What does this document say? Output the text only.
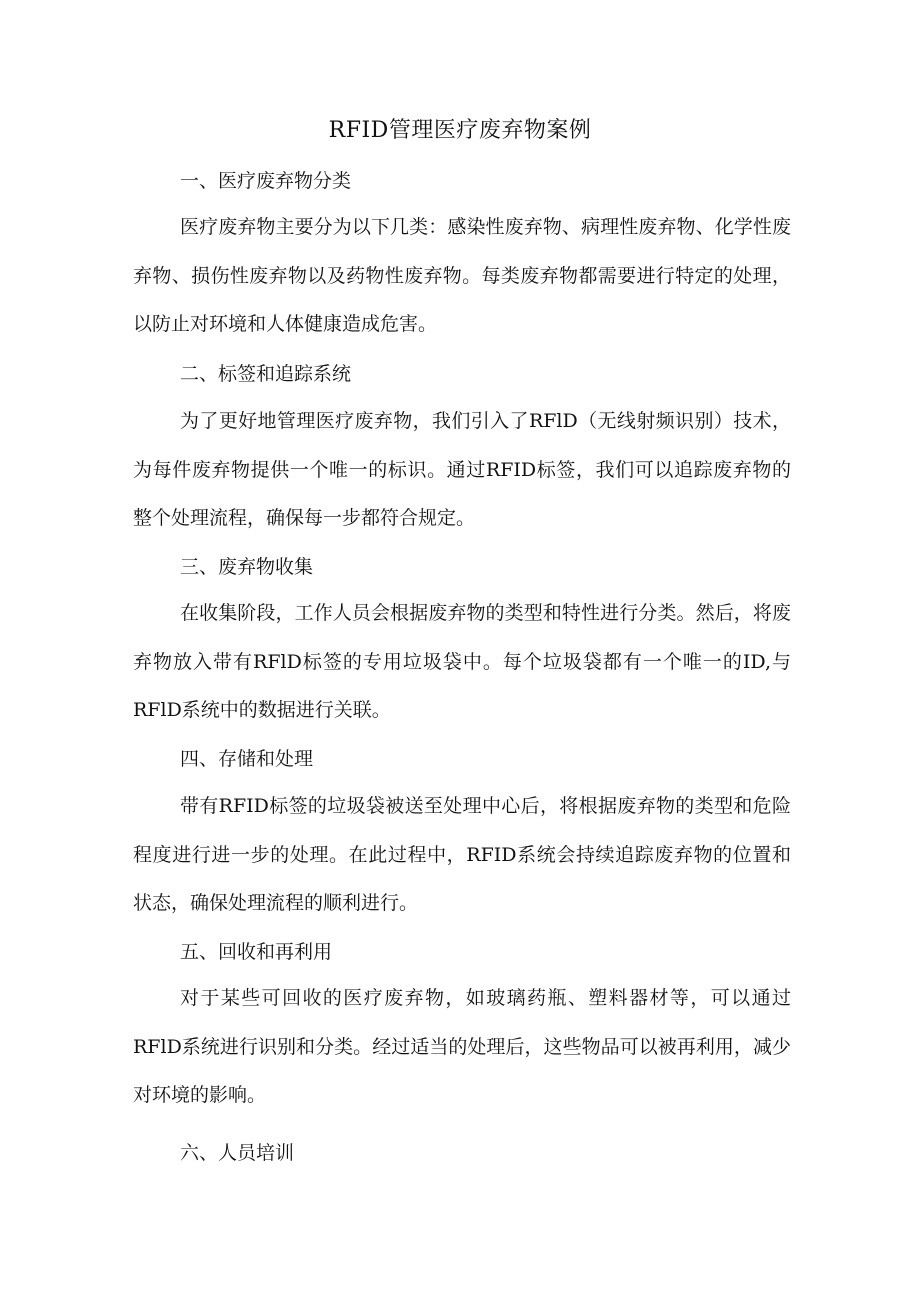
RFID管理医疗废弃物案例
一、医疗废弃物分类

医疗废弃物主要分为以下几类：感染性废弃物、病理性废弃物、化学性废弃物、损伤性废弃物以及药物性废弃物。每类废弃物都需要进行特定的处理，以防止对环境和人体健康造成危害。

二、标签和追踪系统

为了更好地管理医疗废弃物，我们引入了RFlD（无线射频识别）技术，为每件废弃物提供一个唯一的标识。通过RFID标签，我们可以追踪废弃物的整个处理流程，确保每一步都符合规定。

三、废弃物收集

在收集阶段，工作人员会根据废弃物的类型和特性进行分类。然后，将废弃物放入带有RFlD标签的专用垃圾袋中。每个垃圾袋都有一个唯一的ID,与RFlD系统中的数据进行关联。

四、存储和处理

带有RFID标签的垃圾袋被送至处理中心后，将根据废弃物的类型和危险程度进行进一步的处理。在此过程中，RFID系统会持续追踪废弃物的位置和状态，确保处理流程的顺利进行。

五、回收和再利用

对于某些可回收的医疗废弃物，如玻璃药瓶、塑料器材等，可以通过RFlD系统进行识别和分类。经过适当的处理后，这些物品可以被再利用，减少对环境的影响。

六、人员培训
